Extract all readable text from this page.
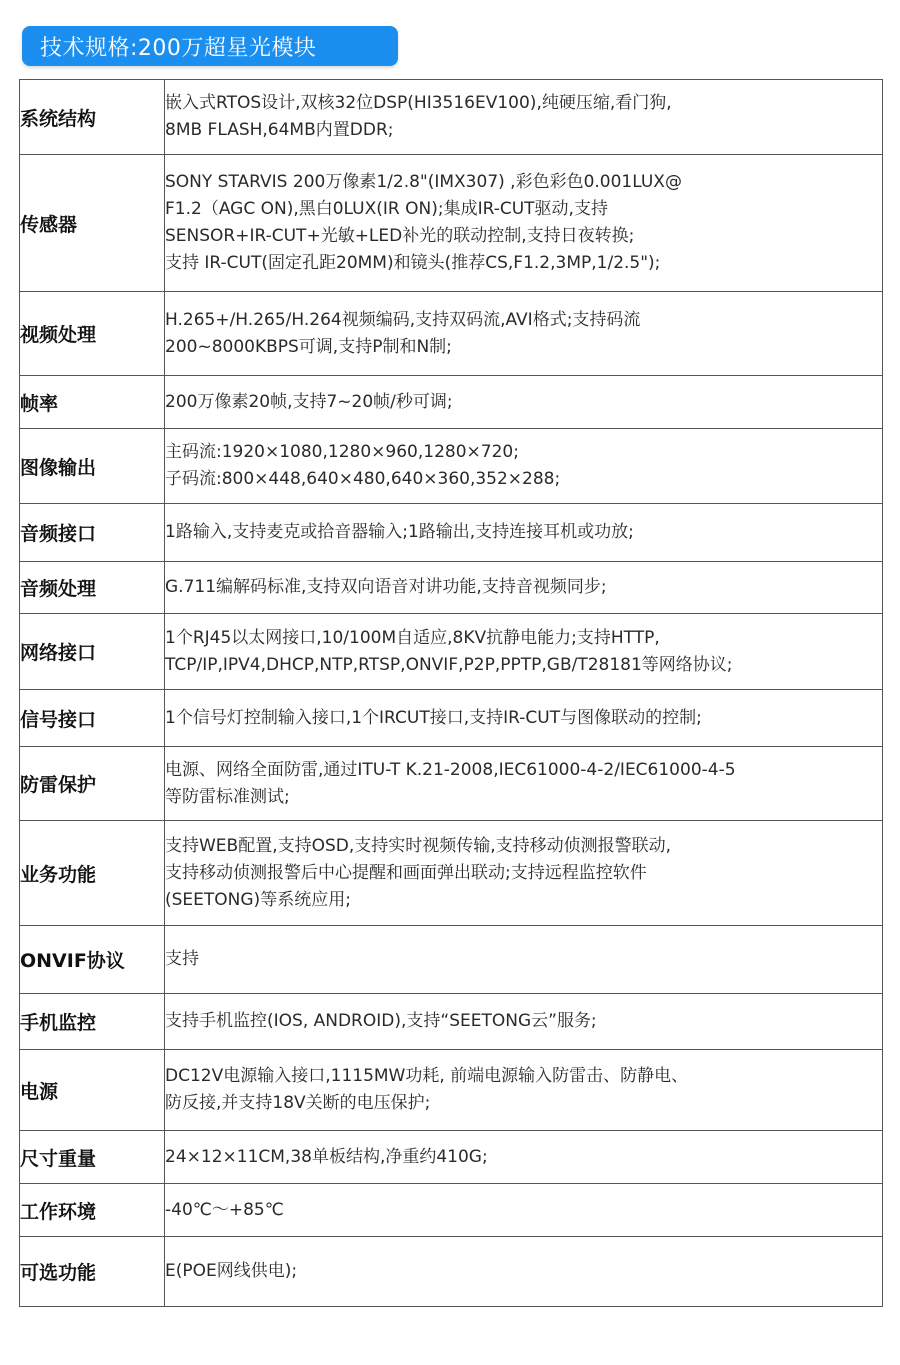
技术规格:200万超星光模块
系统结构	嵌入式RTOS设计,双核32位DSP(HI3516EV100),纯硬压缩,看门狗,
8MB FLASH,64MB内置DDR;

传感器	SONY STARVIS 200万像素1/2.8"(IMX307) ,彩色彩色0.001LUX@
F1.2（AGC ON),黑白0LUX(IR ON);集成IR-CUT驱动,支持
SENSOR+IR-CUT+光敏+LED补光的联动控制,支持日夜转换;
支持 IR-CUT(固定孔距20MM)和镜头(推荐CS,F1.2,3MP,1/2.5");

视频处理	H.265+/H.265/H.264视频编码,支持双码流,AVI格式;支持码流
200~8000KBPS可调,支持P制和N制;

帧率	200万像素20帧,支持7~20帧/秒可调;

图像输出	主码流:1920×1080,1280×960,1280×720;
子码流:800×448,640×480,640×360,352×288;

音频接口	1路输入,支持麦克或拾音器输入;1路输出,支持连接耳机或功放;

音频处理	G.711编解码标准,支持双向语音对讲功能,支持音视频同步;

网络接口	1个RJ45以太网接口,10/100M自适应,8KV抗静电能力;支持HTTP,
TCP/IP,IPV4,DHCP,NTP,RTSP,ONVIF,P2P,PPTP,GB/T28181等网络协议;

信号接口	1个信号灯控制输入接口,1个IRCUT接口,支持IR-CUT与图像联动的控制;

防雷保护	电源、网络全面防雷,通过ITU-T K.21-2008,IEC61000-4-2/IEC61000-4-5
等防雷标准测试;

业务功能	支持WEB配置,支持OSD,支持实时视频传输,支持移动侦测报警联动,
支持移动侦测报警后中心提醒和画面弹出联动;支持远程监控软件
(SEETONG)等系统应用;

ONVIF协议	支持

手机监控	支持手机监控(IOS, ANDROID),支持“SEETONG云”服务;

电源	DC12V电源输入接口,1115MW功耗, 前端电源输入防雷击、防静电、
防反接,并支持18V关断的电压保护;

尺寸重量	24×12×11CM,38单板结构,净重约410G;

工作环境	-40℃～+85℃

可选功能	E(POE网线供电);
